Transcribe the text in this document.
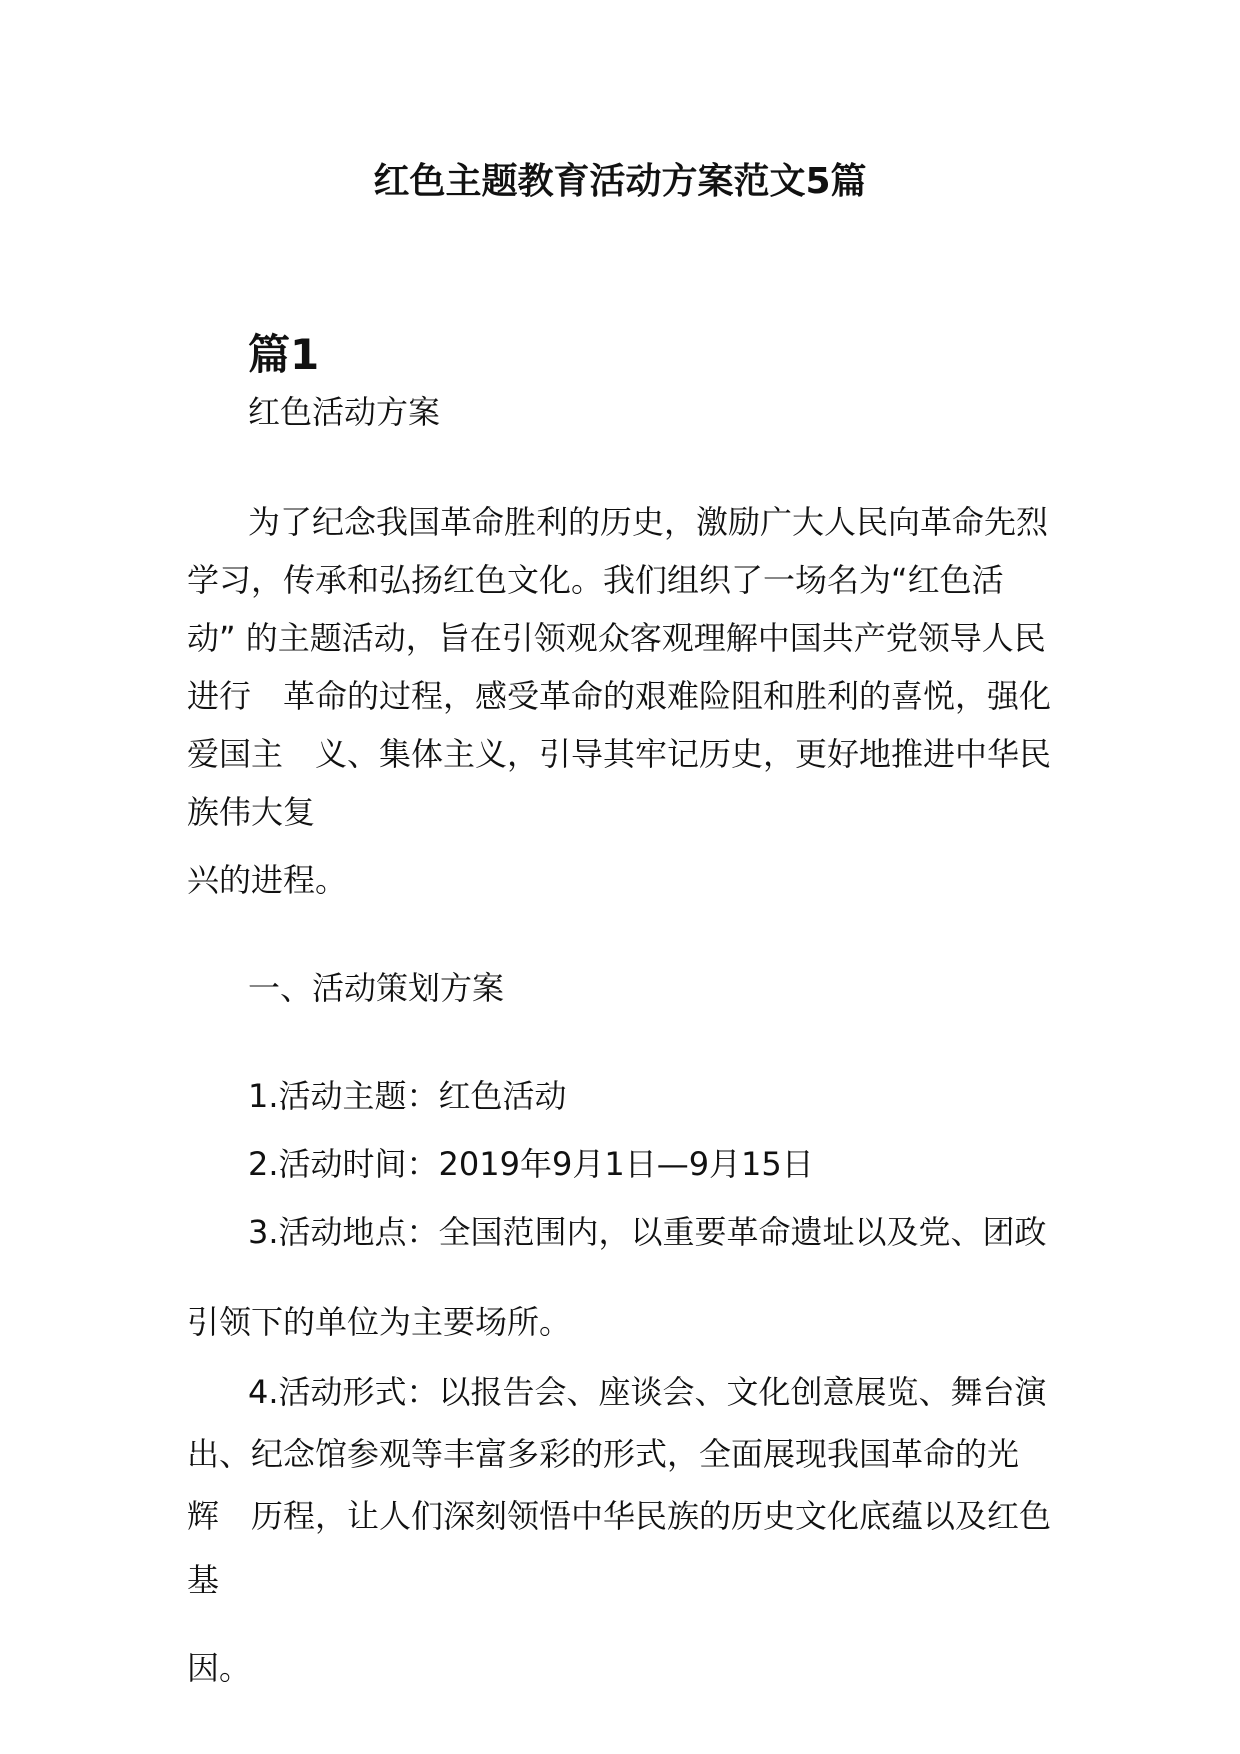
红色主题教育活动方案范文5篇
篇1

红色活动方案

为了纪念我国革命胜利的历史，激励广大人民向革命先烈

学习，传承和弘扬红色文化。我们组织了一场名为“红色活

动” 的主题活动，旨在引领观众客观理解中国共产党领导人民

进行　革命的过程，感受革命的艰难险阻和胜利的喜悦，强化

爱国主　义、集体主义，引导其牢记历史，更好地推进中华民

族伟大复

兴的进程。

一、活动策划方案

1.活动主题：红色活动

2.活动时间：2019年9月1日—9月15日

3.活动地点：全国范围内，以重要革命遗址以及党、团政

引领下的单位为主要场所。

4.活动形式：以报告会、座谈会、文化创意展览、舞台演

出、纪念馆参观等丰富多彩的形式，全面展现我国革命的光

辉　历程，让人们深刻领悟中华民族的历史文化底蕴以及红色

基

因。
